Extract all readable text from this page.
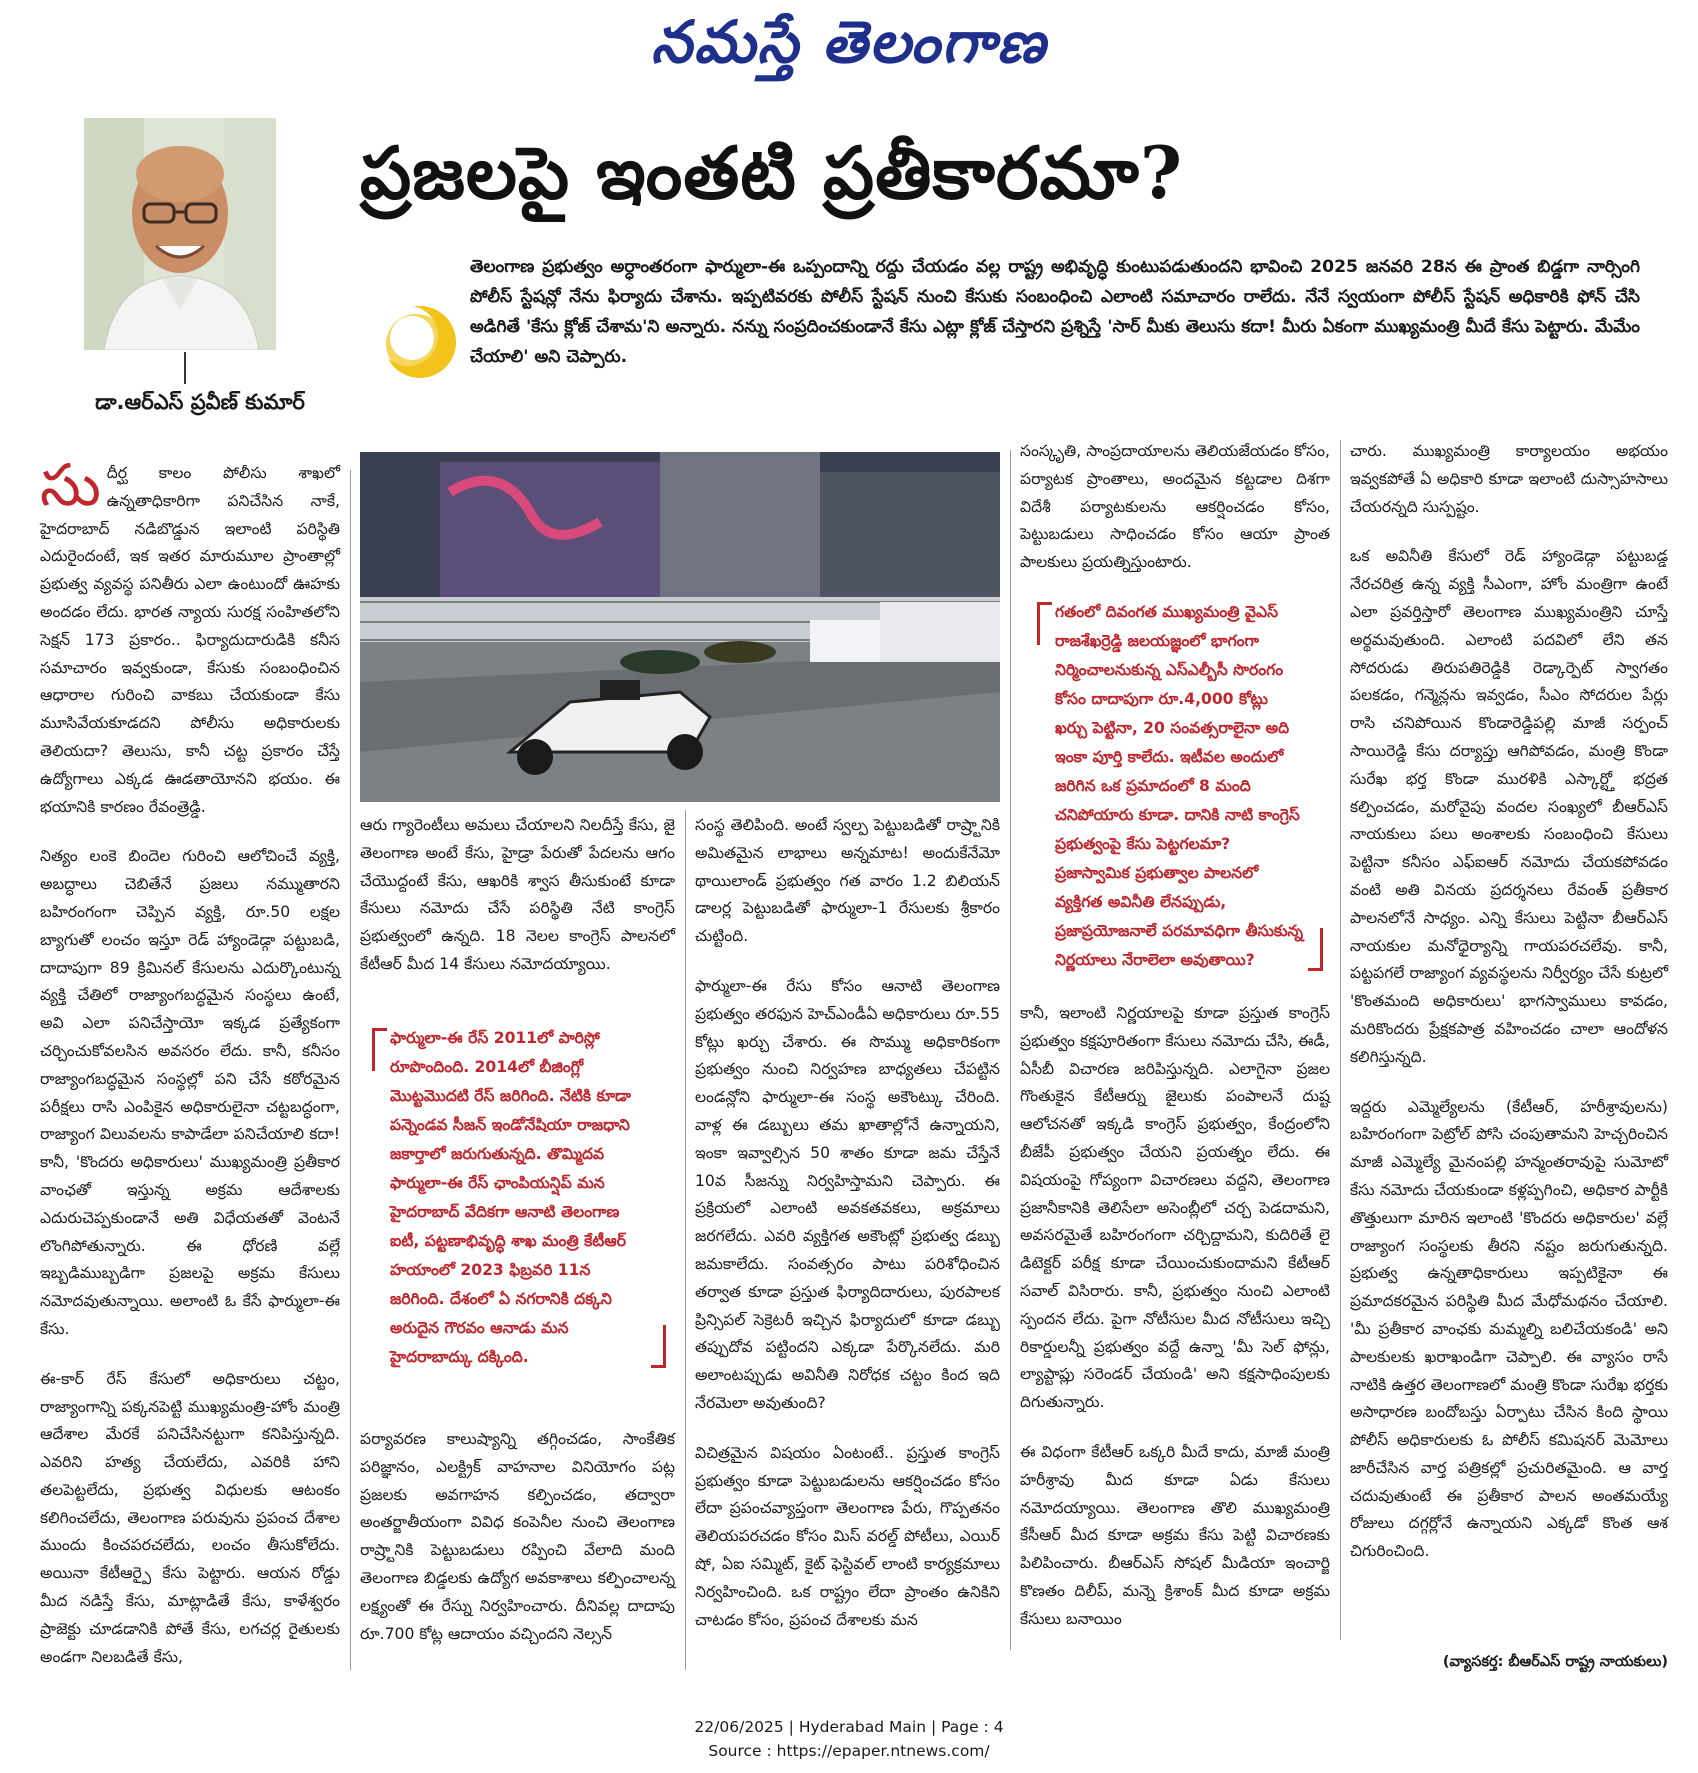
నమస్తే తెలంగాణ
డా.ఆర్ఎస్ ప్రవీణ్ కుమార్
ప్రజలపై ఇంతటి ప్రతీకారమా?
తెలంగాణ ప్రభుత్వం అర్ధాంతరంగా ఫార్ములా-ఈ ఒప్పందాన్ని రద్దు చేయడం వల్ల రాష్ట్ర అభివృద్ధి కుంటుపడుతుందని భావించి 2025 జనవరి 28న ఈ ప్రాంత బిడ్డగా నార్సింగి పోలీస్ స్టేషన్లో నేను ఫిర్యాదు చేశాను. ఇప్పటివరకు పోలీస్ స్టేషన్ నుంచి కేసుకు సంబంధించి ఎలాంటి సమాచారం రాలేదు. నేనే స్వయంగా పోలీస్ స్టేషన్ అధికారికి ఫోన్ చేసి అడిగితే 'కేసు క్లోజ్ చేశామ'ని అన్నారు. నన్ను సంప్రదించకుండానే కేసు ఎట్లా క్లోజ్ చేస్తారని ప్రశ్నిస్తే 'సార్ మీకు తెలుసు కదా! మీరు ఏకంగా ముఖ్యమంత్రి మీదే కేసు పెట్టారు. మేమేం చేయాలి' అని చెప్పారు.

సుదీర్ఘ కాలం పోలీసు శాఖలో ఉన్నతాధికారిగా పనిచేసిన నాకే, హైదరాబాద్ నడిబొడ్డున ఇలాంటి పరిస్థితి ఎదురైందంటే, ఇక ఇతర మారుమూల ప్రాంతాల్లో ప్రభుత్వ వ్యవస్థ పనితీరు ఎలా ఉంటుందో ఊహకు అందడం లేదు. భారత న్యాయ సురక్ష సంహితలోని సెక్షన్ 173 ప్రకారం.. ఫిర్యాదుదారుడికి కనీస సమాచారం ఇవ్వకుండా, కేసుకు సంబంధించిన ఆధారాల గురించి వాకబు చేయకుండా కేసు మూసివేయకూడదని పోలీసు అధికారులకు తెలియదా? తెలుసు, కానీ చట్ట ప్రకారం చేస్తే ఉద్యోగాలు ఎక్కడ ఊడతాయోనని భయం. ఈ భయానికి కారణం రేవంత్రెడ్డి.

నిత్యం లంకె బిందెల గురించి ఆలోచించే వ్యక్తి, అబద్ధాలు చెబితేనే ప్రజలు నమ్ముతారని బహిరంగంగా చెప్పిన వ్యక్తి, రూ.50 లక్షల బ్యాగుతో లంచం ఇస్తూ రెడ్ హ్యాండెడ్గా పట్టుబడి, దాదాపుగా 89 క్రిమినల్ కేసులను ఎదుర్కొంటున్న వ్యక్తి చేతిలో రాజ్యాంగబద్ధమైన సంస్థలు ఉంటే, అవి ఎలా పనిచేస్తాయో ఇక్కడ ప్రత్యేకంగా చర్చించుకోవలసిన అవసరం లేదు. కానీ, కనీసం రాజ్యాంగబద్ధమైన సంస్థల్లో పని చేసే కఠోరమైన పరీక్షలు రాసి ఎంపికైన అధికారులైనా చట్టబద్ధంగా, రాజ్యాంగ విలువలను కాపాడేలా పనిచేయాలి కదా! కానీ, 'కొందరు అధికారులు' ముఖ్యమంత్రి ప్రతీకార వాంఛతో ఇస్తున్న అక్రమ ఆదేశాలకు ఎదురుచెప్పకుండానే అతి విధేయతతో వెంటనే లొంగిపోతున్నారు. ఈ ధోరణి వల్లే ఇబ్బడిముబ్బడిగా ప్రజలపై అక్రమ కేసులు నమోదవుతున్నాయి. అలాంటి ఓ కేసే ఫార్ములా-ఈ కేసు.

ఈ-కార్ రేస్ కేసులో అధికారులు చట్టం, రాజ్యాంగాన్ని పక్కనపెట్టి ముఖ్యమంత్రి-హోం మంత్రి ఆదేశాల మేరకే పనిచేసినట్టుగా కనిపిస్తున్నది. ఎవరిని హత్య చేయలేదు, ఎవరికి హాని తలపెట్టలేదు, ప్రభుత్వ విధులకు ఆటంకం కలిగించలేదు, తెలంగాణ పరువును ప్రపంచ దేశాల ముందు కించపరచలేదు, లంచం తీసుకోలేదు. అయినా కేటీఆర్పై కేసు పెట్టారు. ఆయన రోడ్డు మీద నడిస్తే కేసు, మాట్లాడితే కేసు, కాళేశ్వరం ప్రాజెక్టు చూడడానికి పోతే కేసు, లగచర్ల రైతులకు అండగా నిలబడితే కేసు,

ఆరు గ్యారెంటీలు అమలు చేయాలని నిలదీస్తే కేసు, జై తెలంగాణ అంటే కేసు, హైడ్రా పేరుతో పేదలను ఆగం చేయొద్దంటే కేసు, ఆఖరికి శ్వాస తీసుకుంటే కూడా కేసులు నమోదు చేసే పరిస్థితి నేటి కాంగ్రెస్ ప్రభుత్వంలో ఉన్నది. 18 నెలల కాంగ్రెస్ పాలనలో కేటీఆర్ మీద 14 కేసులు నమోదయ్యాయి.

ఫార్ములా-ఈ రేస్ 2011లో పారిస్లో రూపొందింది. 2014లో బీజింగ్లో మొట్టమొదటి రేస్ జరిగింది. నేటికి కూడా పన్నెండవ సీజన్ ఇండోనేషియా రాజధాని జకార్తాలో జరుగుతున్నది. తొమ్మిదవ ఫార్ములా-ఈ రేస్ ఛాంపియన్షిప్ మన హైదరాబాద్ వేదికగా ఆనాటి తెలంగాణ ఐటీ, పట్టణాభివృద్ధి శాఖ మంత్రి కేటీఆర్ హయాంలో 2023 ఫిబ్రవరి 11న జరిగింది. దేశంలో ఏ నగరానికి దక్కని అరుదైన గౌరవం ఆనాడు మన హైదరాబాద్కు దక్కింది.

పర్యావరణ కాలుష్యాన్ని తగ్గించడం, సాంకేతిక పరిజ్ఞానం, ఎలక్ట్రిక్ వాహనాల వినియోగం పట్ల ప్రజలకు అవగాహన కల్పించడం, తద్వారా అంతర్జాతీయంగా వివిధ కంపెనీల నుంచి తెలంగాణ రాష్ర్టానికి పెట్టుబడులు రప్పించి వేలాది మంది తెలంగాణ బిడ్డలకు ఉద్యోగ అవకాశాలు కల్పించాలన్న లక్ష్యంతో ఈ రేస్ను నిర్వహించారు. దీనివల్ల దాదాపు రూ.700 కోట్ల ఆదాయం వచ్చిందని నెల్సన్

సంస్థ తెలిపింది. అంటే స్వల్ప పెట్టుబడితో రాష్ర్టానికి అమితమైన లాభాలు అన్నమాట! అందుకేనేమో థాయిలాండ్ ప్రభుత్వం గత వారం 1.2 బిలియన్ డాలర్ల పెట్టుబడితో ఫార్ములా-1 రేసులకు శ్రీకారం చుట్టింది.

ఫార్ములా-ఈ రేసు కోసం ఆనాటి తెలంగాణ ప్రభుత్వం తరఫున హెచ్ఎండీఏ అధికారులు రూ.55 కోట్లు ఖర్చు చేశారు. ఈ సొమ్ము అధికారికంగా ప్రభుత్వం నుంచి నిర్వహణ బాధ్యతలు చేపట్టిన లండన్లోని ఫార్ములా-ఈ సంస్థ అకౌంట్కు చేరింది. వాళ్ల ఈ డబ్బులు తమ ఖాతాల్లోనే ఉన్నాయని, ఇంకా ఇవ్వాల్సిన 50 శాతం కూడా జమ చేస్తేనే 10వ సీజన్ను నిర్వహిస్తామని చెప్పారు. ఈ ప్రక్రియలో ఎలాంటి అవకతవకలు, అక్రమాలు జరగలేదు. ఎవరి వ్యక్తిగత అకౌంట్లో ప్రభుత్వ డబ్బు జమకాలేదు. సంవత్సరం పాటు పరిశోధించిన తర్వాత కూడా ప్రస్తుత ఫిర్యాదిదారులు, పురపాలక ప్రిన్సిపల్ సెక్రెటరీ ఇచ్చిన ఫిర్యాదులో కూడా డబ్బు తప్పుదోవ పట్టిందని ఎక్కడా పేర్కొనలేదు. మరి అలాంటప్పుడు అవినీతి నిరోధక చట్టం కింద ఇది నేరమెలా అవుతుంది?

విచిత్రమైన విషయం ఏంటంటే.. ప్రస్తుత కాంగ్రెస్ ప్రభుత్వం కూడా పెట్టుబడులను ఆకర్షించడం కోసం లేదా ప్రపంచవ్యాప్తంగా తెలంగాణ పేరు, గొప్పతనం తెలియపరచడం కోసం మిస్ వరల్డ్ పోటీలు, ఎయిర్ షో, ఏఐ సమ్మిట్, కైట్ ఫెస్టివల్ లాంటి కార్యక్రమాలు నిర్వహించింది. ఒక రాష్ట్రం లేదా ప్రాంతం ఉనికిని చాటడం కోసం, ప్రపంచ దేశాలకు మన

సంస్కృతి, సాంప్రదాయాలను తెలియజేయడం కోసం, పర్యాటక ప్రాంతాలు, అందమైన కట్టడాల దిశగా విదేశీ పర్యాటకులను ఆకర్షించడం కోసం, పెట్టుబడులు సాధించడం కోసం ఆయా ప్రాంత పాలకులు ప్రయత్నిస్తుంటారు.

గతంలో దివంగత ముఖ్యమంత్రి వైఎస్ రాజశేఖర్రెడ్డి జలయజ్ఞంలో భాగంగా నిర్మించాలనుకున్న ఎస్ఎల్బీసీ సొరంగం కోసం దాదాపుగా రూ.4,000 కోట్లు ఖర్చు పెట్టినా, 20 సంవత్సరాలైనా అది ఇంకా పూర్తి కాలేదు. ఇటీవల అందులో జరిగిన ఒక ప్రమాదంలో 8 మంది చనిపోయారు కూడా. దానికి నాటి కాంగ్రెస్ ప్రభుత్వంపై కేసు పెట్టగలమా? ప్రజాస్వామిక ప్రభుత్వాల పాలనలో వ్యక్తిగత అవినీతి లేనప్పుడు, ప్రజాప్రయోజనాలే పరమావధిగా తీసుకున్న నిర్ణయాలు నేరాలెలా అవుతాయి?

కానీ, ఇలాంటి నిర్ణయాలపై కూడా ప్రస్తుత కాంగ్రెస్ ప్రభుత్వం కక్షపూరితంగా కేసులు నమోదు చేసి, ఈడీ, ఏసీబీ విచారణ జరిపిస్తున్నది. ఎలాగైనా ప్రజల గొంతుకైన కేటీఆర్ను జైలుకు పంపాలనే దుష్ట ఆలోచనతో ఇక్కడి కాంగ్రెస్ ప్రభుత్వం, కేంద్రంలోని బీజేపీ ప్రభుత్వం చేయని ప్రయత్నం లేదు. ఈ విషయంపై గోప్యంగా విచారణలు వద్దని, తెలంగాణ ప్రజానీకానికి తెలిసేలా అసెంబ్లీలో చర్చ పెడదామని, అవసరమైతే బహిరంగంగా చర్చిద్దామని, కుదిరితే లై డిటెక్టర్ పరీక్ష కూడా చేయించుకుందామని కేటీఆర్ సవాల్ విసిరారు. కానీ, ప్రభుత్వం నుంచి ఎలాంటి స్పందన లేదు. పైగా నోటీసుల మీద నోటీసులు ఇచ్చి రికార్డులన్నీ ప్రభుత్వం వద్దే ఉన్నా 'మీ సెల్ ఫోన్లు, ల్యాప్టాప్లు సరెండర్ చేయండి' అని కక్షసాధింపులకు దిగుతున్నారు.

ఈ విధంగా కేటీఆర్ ఒక్కరి మీదే కాదు, మాజీ మంత్రి హరీశ్రావు మీద కూడా ఏడు కేసులు నమోదయ్యాయి. తెలంగాణ తొలి ముఖ్యమంత్రి కేసీఆర్ మీద కూడా అక్రమ కేసు పెట్టి విచారణకు పిలిపించారు. బీఆర్ఎస్ సోషల్ మీడియా ఇంచార్జి కొణతం దిలీప్, మన్నె క్రిశాంక్ మీద కూడా అక్రమ కేసులు బనాయిం

చారు. ముఖ్యమంత్రి కార్యాలయం అభయం ఇవ్వకపోతే ఏ అధికారి కూడా ఇలాంటి దుస్సాహసాలు చేయరన్నది సుస్పష్టం.

ఒక అవినీతి కేసులో రెడ్ హ్యాండెడ్గా పట్టుబడ్డ నేరచరిత్ర ఉన్న వ్యక్తి సీఎంగా, హోం మంత్రిగా ఉంటే ఎలా ప్రవర్తిస్తారో తెలంగాణ ముఖ్యమంత్రిని చూస్తే అర్థమవుతుంది. ఎలాంటి పదవిలో లేని తన సోదరుడు తిరుపతిరెడ్డికి రెడ్కార్పెట్ స్వాగతం పలకడం, గన్మెన్లను ఇవ్వడం, సీఎం సోదరుల పేర్లు రాసి చనిపోయిన కొండారెడ్డిపల్లి మాజీ సర్పంచ్ సాయిరెడ్డి కేసు దర్యాప్తు ఆగిపోవడం, మంత్రి కొండా సురేఖ భర్త కొండా మురళికి ఎస్కార్ట్తో భద్రత కల్పించడం, మరోవైపు వందల సంఖ్యలో బీఆర్ఎస్ నాయకులు పలు అంశాలకు సంబంధించి కేసులు పెట్టినా కనీసం ఎఫ్ఐఆర్ నమోదు చేయకపోవడం వంటి అతి వినయ ప్రదర్శనలు రేవంత్ ప్రతీకార పాలనలోనే సాధ్యం. ఎన్ని కేసులు పెట్టినా బీఆర్ఎస్ నాయకుల మనోధైర్యాన్ని గాయపరచలేవు. కానీ, పట్టపగలే రాజ్యాంగ వ్యవస్థలను నిర్వీర్యం చేసే కుట్రలో 'కొంతమంది అధికారులు' భాగస్వాములు కావడం, మరికొందరు ప్రేక్షకపాత్ర వహించడం చాలా ఆందోళన కలిగిస్తున్నది.

ఇద్దరు ఎమ్మెల్యేలను (కేటీఆర్, హరీశ్రావులను) బహిరంగంగా పెట్రోల్ పోసి చంపుతామని హెచ్చరించిన మాజీ ఎమ్మెల్యే మైనంపల్లి హన్మంతరావుపై సుమోటో కేసు నమోదు చేయకుండా కళ్లప్పగించి, అధికార పార్టీకి తొత్తులుగా మారిన ఇలాంటి 'కొందరు అధికారుల' వల్లే రాజ్యాంగ సంస్థలకు తీరని నష్టం జరుగుతున్నది. ప్రభుత్వ ఉన్నతాధికారులు ఇప్పటికైనా ఈ ప్రమాదకరమైన పరిస్థితి మీద మేధోమథనం చేయాలి. 'మీ ప్రతీకార వాంఛకు మమ్మల్ని బలిచేయకండి' అని పాలకులకు ఖరాఖండిగా చెప్పాలి. ఈ వ్యాసం రాసే నాటికి ఉత్తర తెలంగాణలో మంత్రి కొండా సురేఖ భర్తకు అసాధారణ బందోబస్తు ఏర్పాటు చేసిన కింది స్థాయి పోలీస్ అధికారులకు ఓ పోలీస్ కమిషనర్ మెమోలు జారీచేసిన వార్త పత్రికల్లో ప్రచురితమైంది. ఆ వార్త చదువుతుంటే ఈ ప్రతీకార పాలన అంతమయ్యే రోజులు దగ్గర్లోనే ఉన్నాయని ఎక్కడో కొంత ఆశ చిగురించింది.

(వ్యాసకర్త: బీఆర్ఎస్ రాష్ట్ర నాయకులు)
22/06/2025 | Hyderabad Main | Page : 4
Source : https://epaper.ntnews.com/
